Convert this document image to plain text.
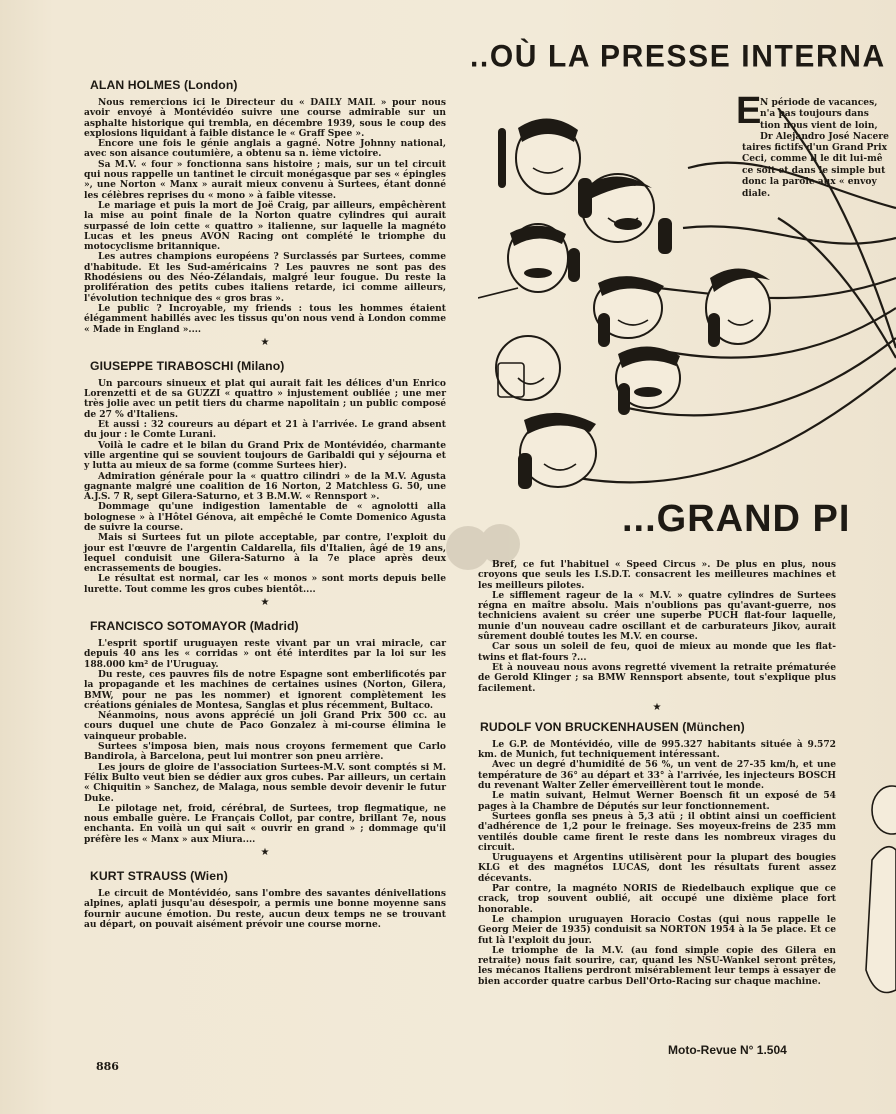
..OÙ LA PRESSE INTERNA
E
N période de vacances,
n'a pas toujours dans
tion nous vient de loin,
Dr Alejandro José Nacere
taires fictifs d'un Grand Prix
Ceci, comme il le dit lui-mê
ce soit et dans le simple but
donc la parole aux « envoy
diale.
...GRAND PI
ALAN HOLMES (London)

Nous remercions ici le Directeur du « DAILY MAIL » pour nous avoir envoyé à Montévidéo suivre une course admirable sur un asphalte historique qui trembla, en décembre 1939, sous le coup des explosions liquidant à faible distance le « Graff Spee ».

Encore une fois le génie anglais a gagné. Notre Johnny national, avec son aisance coutumière, a obtenu sa n. ième victoire.

Sa M.V. « four » fonctionna sans histoire ; mais, sur un tel circuit qui nous rappelle un tantinet le circuit monégasque par ses « épingles », une Norton « Manx » aurait mieux convenu à Surtees, étant donné les célèbres reprises du « mono » à faible vitesse.

Le mariage et puis la mort de Joë Craig, par ailleurs, empêchèrent la mise au point finale de la Norton quatre cylindres qui aurait surpassé de loin cette « quattro » italienne, sur laquelle la magnéto Lucas et les pneus AVON Racing ont complété le triomphe du motocyclisme britannique.

Les autres champions européens ? Surclassés par Surtees, comme d'habitude. Et les Sud-américains ? Les pauvres ne sont pas des Rhodésiens ou des Néo-Zélandais, malgré leur fougue. Du reste la prolifération des petits cubes italiens retarde, ici comme ailleurs, l'évolution technique des « gros bras ».

Le public ? Incroyable, my friends : tous les hommes étaient élégamment habillés avec les tissus qu'on nous vend à London comme « Made in England »....

★
GIUSEPPE TIRABOSCHI (Milano)

Un parcours sinueux et plat qui aurait fait les délices d'un Enrico Lorenzetti et de sa GUZZI « quattro » injustement oubliée ; une mer très jolie avec un petit tiers du charme napolitain ; un public composé de 27 % d'Italiens.

Et aussi : 32 coureurs au départ et 21 à l'arrivée. Le grand absent du jour : le Comte Lurani.

Voilà le cadre et le bilan du Grand Prix de Montévidéo, charmante ville argentine qui se souvient toujours de Garibaldi qui y séjourna et y lutta au mieux de sa forme (comme Surtees hier).

Admiration générale pour la « quattro cilindri » de la M.V. Agusta gagnante malgré une coalition de 16 Norton, 2 Matchless G. 50, une A.J.S. 7 R, sept Gilera-Saturno, et 3 B.M.W. « Rennsport ».

Dommage qu'une indigestion lamentable de « agnolotti alla bolognese » à l'Hôtel Génova, ait empêché le Comte Domenico Agusta de suivre la course.

Mais si Surtees fut un pilote acceptable, par contre, l'exploit du jour est l'œuvre de l'argentin Caldarella, fils d'Italien, âgé de 19 ans, lequel conduisit une Gilera-Saturno à la 7e place après deux encrassements de bougies.

Le résultat est normal, car les « monos » sont morts depuis belle lurette. Tout comme les gros cubes bientôt....

★
FRANCISCO SOTOMAYOR (Madrid)

L'esprit sportif uruguayen reste vivant par un vrai miracle, car depuis 40 ans les « corridas » ont été interdites par la loi sur les 188.000 km² de l'Uruguay.

Du reste, ces pauvres fils de notre Espagne sont emberlificotés par la propagande et les machines de certaines usines (Norton, Gilera, BMW, pour ne pas les nommer) et ignorent complètement les créations géniales de Montesa, Sanglas et plus récemment, Bultaco.

Néanmoins, nous avons apprécié un joli Grand Prix 500 cc. au cours duquel une chute de Paco Gonzalez à mi-course élimina le vainqueur probable.

Surtees s'imposa bien, mais nous croyons fermement que Carlo Bandirola, à Barcelona, peut lui montrer son pneu arrière.

Les jours de gloire de l'association Surtees-M.V. sont comptés si M. Félix Bulto veut bien se dédier aux gros cubes. Par ailleurs, un certain « Chiquitin » Sanchez, de Malaga, nous semble devoir devenir le futur Duke.

Le pilotage net, froid, cérébral, de Surtees, trop flegmatique, ne nous emballe guère. Le Français Collot, par contre, brillant 7e, nous enchanta. En voilà un qui sait « ouvrir en grand » ; dommage qu'il préfère les « Manx » aux Miura....

★
KURT STRAUSS (Wien)

Le circuit de Montévidéo, sans l'ombre des savantes dénivellations alpines, aplati jusqu'au désespoir, a permis une bonne moyenne sans fournir aucune émotion. Du reste, aucun deux temps ne se trouvant au départ, on pouvait aisément prévoir une course morne.

Bref, ce fut l'habituel « Speed Circus ». De plus en plus, nous croyons que seuls les I.S.D.T. consacrent les meilleures machines et les meilleurs pilotes.

Le sifflement rageur de la « M.V. » quatre cylindres de Surtees régna en maître absolu. Mais n'oublions pas qu'avant-guerre, nos techniciens avaient su créer une superbe PUCH flat-four laquelle, munie d'un nouveau cadre oscillant et de carburateurs Jikov, aurait sûrement doublé toutes les M.V. en course.

Car sous un soleil de feu, quoi de mieux au monde que les flat-twins et flat-fours ?...

Et à nouveau nous avons regretté vivement la retraite prématurée de Gerold Klinger ; sa BMW Rennsport absente, tout s'explique plus facilement.

★
RUDOLF VON BRUCKENHAUSEN (München)

Le G.P. de Montévidéo, ville de 995.327 habitants située à 9.572 km. de Munich, fut techniquement intéressant.

Avec un degré d'humidité de 56 %, un vent de 27-35 km/h, et une température de 36° au départ et 33° à l'arrivée, les injecteurs BOSCH du revenant Walter Zeller émerveillèrent tout le monde.

Le matin suivant, Helmut Werner Boensch fit un exposé de 54 pages à la Chambre de Députés sur leur fonctionnement.

Surtees gonfla ses pneus à 5,3 atü ; il obtint ainsi un coefficient d'adhérence de 1,2 pour le freinage. Ses moyeux-freins de 235 mm ventilés double came firent le reste dans les nombreux virages du circuit.

Uruguayens et Argentins utilisèrent pour la plupart des bougies KLG et des magnétos LUCAS, dont les résultats furent assez décevants.

Par contre, la magnéto NORIS de Riedelbauch explique que ce crack, trop souvent oublié, ait occupé une dixième place fort honorable.

Le champion uruguayen Horacio Costas (qui nous rappelle le Georg Meier de 1935) conduisit sa NORTON 1954 à la 5e place. Et ce fut là l'exploit du jour.

Le triomphe de la M.V. (au fond simple copie des Gilera en retraite) nous fait sourire, car, quand les NSU-Wankel seront prêtes, les mécanos Italiens perdront misérablement leur temps à essayer de bien accorder quatre carbus Dell'Orto-Racing sur chaque machine.

886
Moto-Revue N° 1.504
